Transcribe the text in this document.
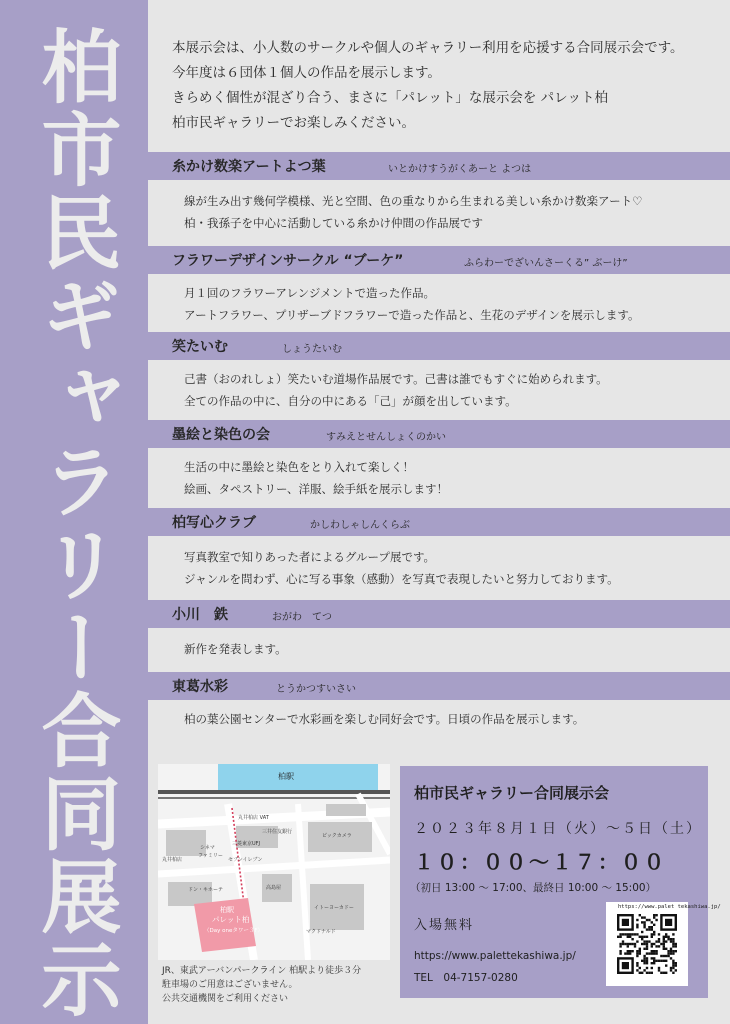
柏市民ギャラリー合同展示
本展示会は、小人数のサークルや個人のギャラリー利用を応援する合同展示会です。
今年度は６団体１個人の作品を展示します。
きらめく個性が混ざり合う、まさに「パレット」な展示会を パレット柏
柏市民ギャラリーでお楽しみください。
糸かけ数楽アートよつ葉	いとかけすうがくあーと よつは
線が生み出す幾何学模様、光と空間、色の重なりから生まれる美しい糸かけ数楽アート♡
柏・我孫子を中心に活動している糸かけ仲間の作品展です
フラワーデザインサークル “ブーケ”	ふらわーでざいんさーくる” ぶーけ”
月１回のフラワーアレンジメントで造った作品。
アートフラワー、プリザーブドフラワーで造った作品と、生花のデザインを展示します。
笑たいむ	しょうたいむ
己書（おのれしょ）笑たいむ道場作品展です。己書は誰でもすぐに始められます。
全ての作品の中に、自分の中にある「己」が顔を出しています。
墨絵と染色の会	すみえとせんしょくのかい
生活の中に墨絵と染色をとり入れて楽しく！
絵画、タペストリー、洋服、絵手紙を展示します！
柏写心クラブ	かしわしゃしんくらぶ
写真教室で知りあった者によるグループ展です。
ジャンルを問わず、心に写る事象（感動）を写真で表現したいと努力しております。
小川　鉄	おがわ　てつ
新作を発表します。
東葛水彩	とうかつすいさい
柏の葉公園センターで水彩画を楽しむ同好会です。日頃の作品を展示します。
柏駅
柏駅
パレット柏
（Day oneタワー３F）
丸井柏店 VAT
三井住友銀行
三菱東京UFJ
ビックカメラ
シネマ
ファミリー
セブンイレブン
丸井柏店
ドン・キホーテ	高島屋
イトーヨーカドー
マクドナルド
JR、東武アーバンパークライン 柏駅より徒歩３分
駐車場のご用意はございません。
公共交通機関をご利用ください
柏市民ギャラリー合同展示会
２０２３年８月１日（火）〜５日（土）
１０：００〜１７：００
（初日 13:00 〜 17:00、最終日 10:00 〜 15:00）
入場無料
https://www.palettekashiwa.jp/
TEL　04-7157-0280
https://www.palet tekashiwa.jp/
